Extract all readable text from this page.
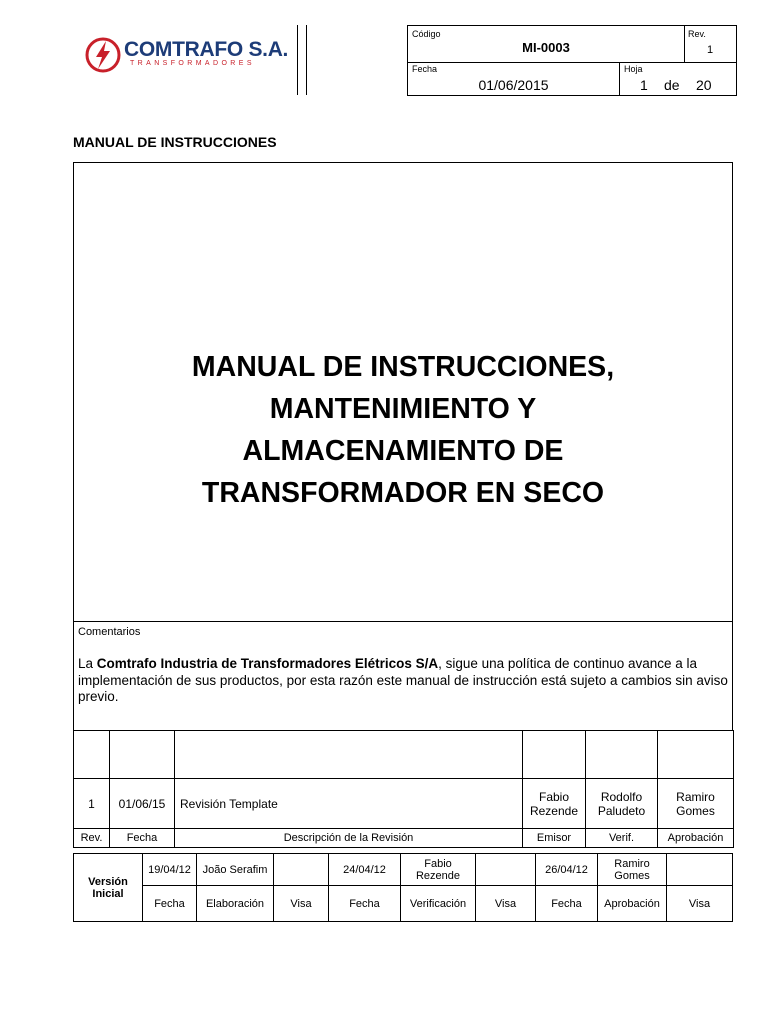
COMTRAFO S.A.
TRANSFORMADORES
Código
MI-0003
Rev.
1
Fecha
01/06/2015
Hoja
1 de 20
MANUAL DE INSTRUCCIONES
MANUAL DE INSTRUCCIONES,
MANTENIMIENTO Y
ALMACENAMIENTO DE
TRANSFORMADOR EN SECO
Comentarios
La Comtrafo Industria de Transformadores Elétricos S/A, sigue una política de continuo avance a la implementación de sus productos, por esta razón este manual de instrucción está sujeto a cambios sin aviso previo.

1	01/06/15	Revisión Template	Fabio Rezende	Rodolfo Paludeto	Ramiro Gomes
Rev.	Fecha	Descripción de la Revisión	Emisor	Verif.	Aprobación
Versión Inicial	19/04/12	João Serafim		24/04/12	Fabio Rezende		26/04/12	Ramiro Gomes	
	Fecha	Elaboración	Visa	Fecha	Verificación	Visa	Fecha	Aprobación	Visa
